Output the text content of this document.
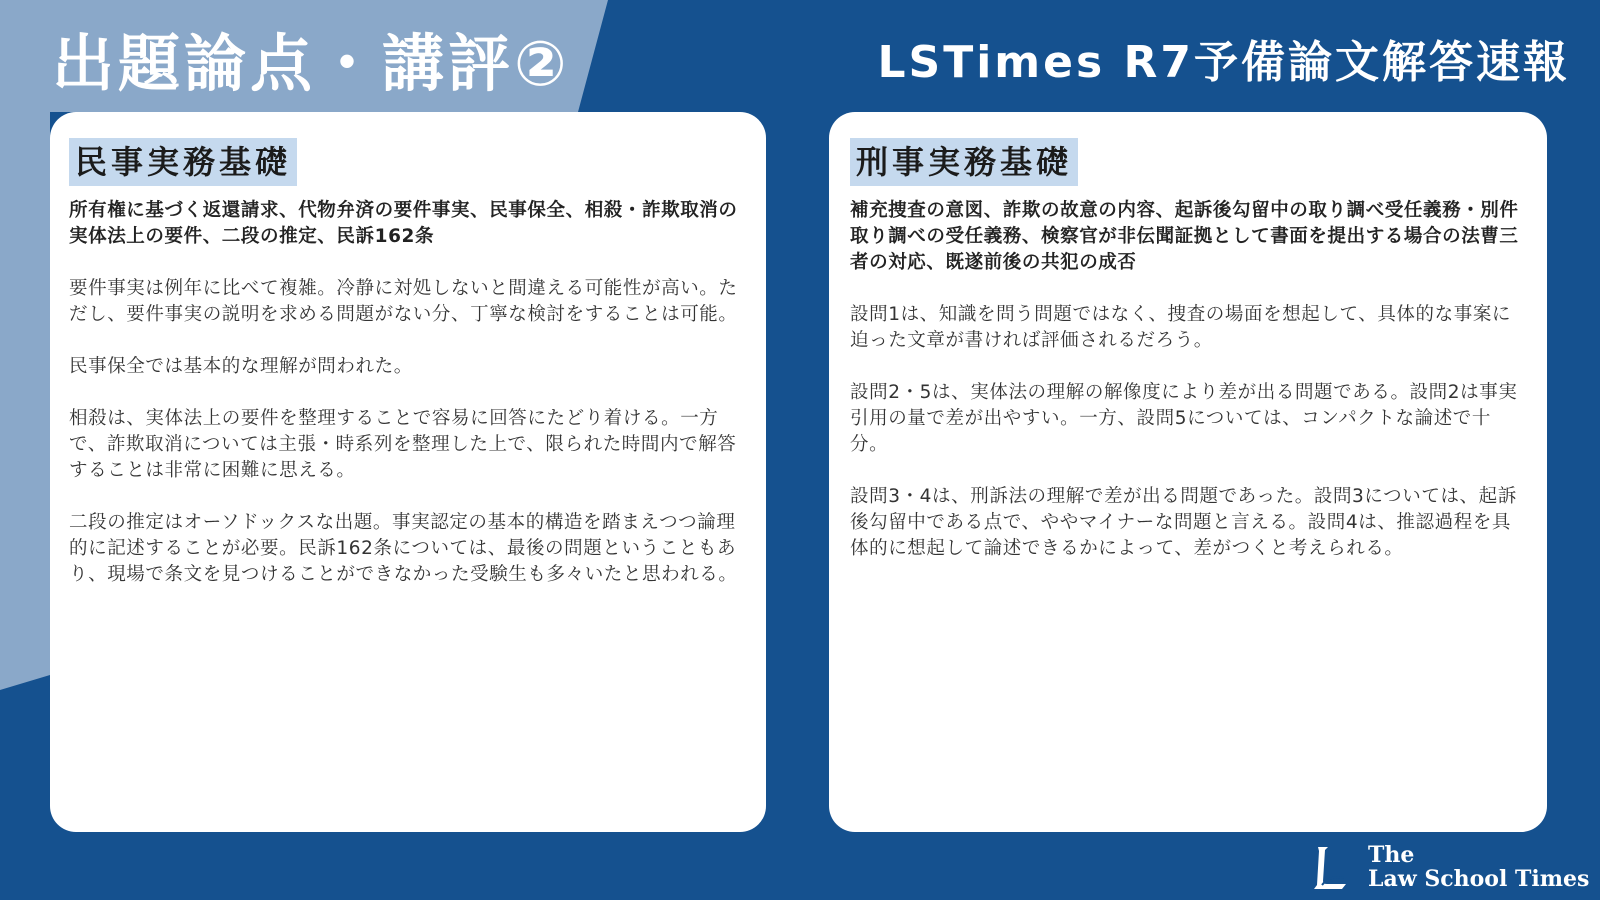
出題論点・講評②	LSTimes R7予備論文解答速報
民事実務基礎
所有権に基づく返還請求、代物弁済の要件事実、民事保全、相殺・詐欺取消の実体法上の要件、二段の推定、民訴162条
要件事実は例年に比べて複雑。冷静に対処しないと間違える可能性が高い。ただし、要件事実の説明を求める問題がない分、丁寧な検討をすることは可能。
民事保全では基本的な理解が問われた。
相殺は、実体法上の要件を整理することで容易に回答にたどり着ける。一方で、詐欺取消については主張・時系列を整理した上で、限られた時間内で解答することは非常に困難に思える。
二段の推定はオーソドックスな出題。事実認定の基本的構造を踏まえつつ論理的に記述することが必要。民訴162条については、最後の問題ということもあり、現場で条文を見つけることができなかった受験生も多々いたと思われる。
刑事実務基礎
補充捜査の意図、詐欺の故意の内容、起訴後勾留中の取り調べ受任義務・別件取り調べの受任義務、検察官が非伝聞証拠として書面を提出する場合の法曹三者の対応、既遂前後の共犯の成否
設問1は、知識を問う問題ではなく、捜査の場面を想起して、具体的な事案に迫った文章が書ければ評価されるだろう。
設問2・5は、実体法の理解の解像度により差が出る問題である。設問2は事実引用の量で差が出やすい。一方、設問5については、コンパクトな論述で十分。
設問3・4は、刑訴法の理解で差が出る問題であった。設問3については、起訴後勾留中である点で、ややマイナーな問題と言える。設問4は、推認過程を具体的に想起して論述できるかによって、差がつくと考えられる。
The
Law School Times
